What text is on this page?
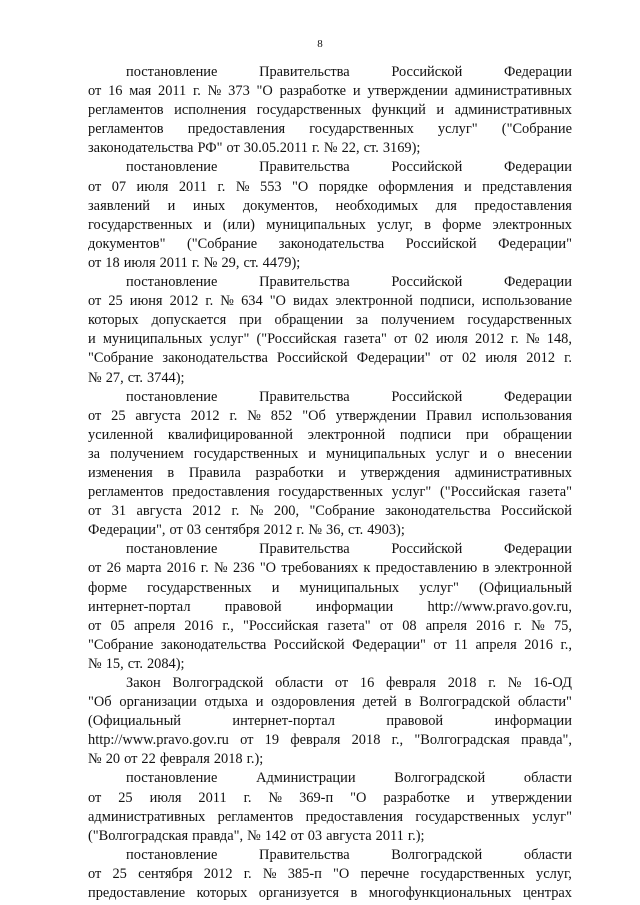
8
постановление	Правительства	Российской	Федерации
от 16 мая 2011 г. № 373 "О разработке и утверждении административных
регламентов исполнения государственных функций и административных
регламентов предоставления государственных услуг" ("Собрание
законодательства РФ" от 30.05.2011 г. № 22, ст. 3169);
постановление	Правительства	Российской	Федерации
от 07 июля 2011 г. № 553 "О порядке оформления и представления
заявлений и иных документов, необходимых для предоставления
государственных и (или) муниципальных услуг, в форме электронных
документов" ("Собрание законодательства Российской Федерации"
от 18 июля 2011 г. № 29, ст. 4479);
постановление	Правительства	Российской	Федерации
от 25 июня 2012 г. № 634 "О видах электронной подписи, использование
которых допускается при обращении за получением государственных
и муниципальных услуг" ("Российская газета" от 02 июля 2012 г. № 148,
"Собрание законодательства Российской Федерации" от 02 июля 2012 г.
№ 27, ст. 3744);
постановление	Правительства	Российской	Федерации
от 25 августа 2012 г. № 852 "Об утверждении Правил использования
усиленной квалифицированной электронной подписи при обращении
за получением государственных и муниципальных услуг и о внесении
изменения в Правила разработки и утверждения административных
регламентов предоставления государственных услуг" ("Российская газета"
от 31 августа 2012 г. № 200, "Собрание законодательства Российской
Федерации", от 03 сентября 2012 г. № 36, ст. 4903);
постановление	Правительства	Российской	Федерации
от 26 марта 2016 г. № 236 "О требованиях к предоставлению в электронной
форме государственных и муниципальных услуг" (Официальный
интернет-портал правовой информации http://www.pravo.gov.ru,
от 05 апреля 2016 г., "Российская газета" от 08 апреля 2016 г. № 75,
"Собрание законодательства Российской Федерации" от 11 апреля 2016 г.,
№ 15, ст. 2084);
Закон Волгоградской области от 16 февраля 2018 г. № 16-ОД
"Об организации отдыха и оздоровления детей в Волгоградской области"
(Официальный	интернет-портал	правовой	информации
http://www.pravo.gov.ru от 19 февраля 2018 г., "Волгоградская правда",
№ 20 от 22 февраля 2018 г.);
постановление	Администрации	Волгоградской	области
от 25 июля 2011 г. № 369-п "О разработке и утверждении
административных регламентов предоставления государственных услуг"
("Волгоградская правда", № 142 от 03 августа 2011 г.);
постановление	Правительства	Волгоградской	области
от 25 сентября 2012 г. № 385-п "О перечне государственных услуг,
предоставление которых организуется в многофункциональных центрах
